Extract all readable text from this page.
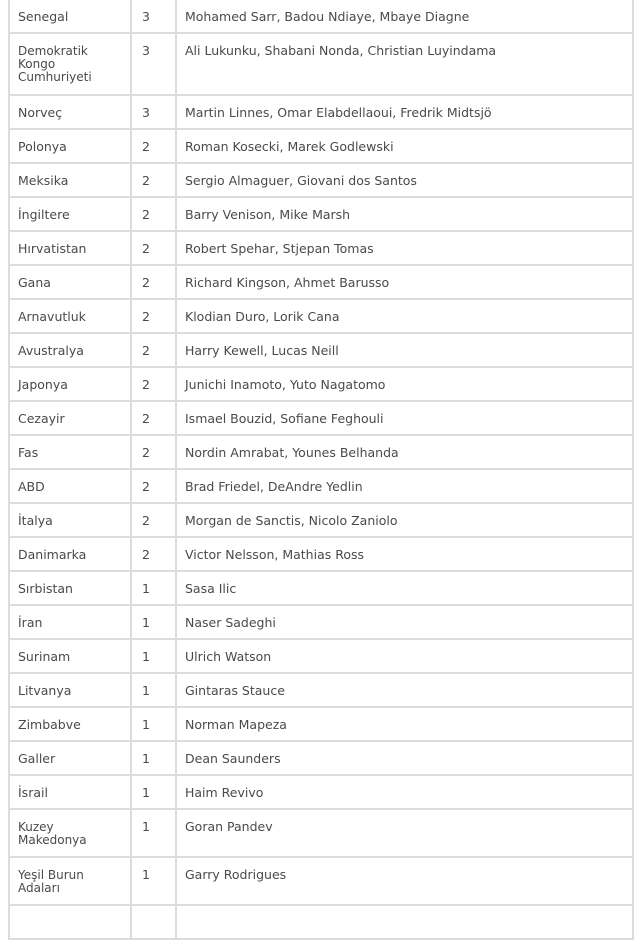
Senegal	3	Mohamed Sarr, Badou Ndiaye, Mbaye Diagne
Demokratik Kongo Cumhuriyeti	3	Ali Lukunku, Shabani Nonda, Christian Luyindama
Norveç	3	Martin Linnes, Omar Elabdellaoui, Fredrik Midtsjö
Polonya	2	Roman Kosecki, Marek Godlewski
Meksika	2	Sergio Almaguer, Giovani dos Santos
İngiltere	2	Barry Venison, Mike Marsh
Hırvatistan	2	Robert Spehar, Stjepan Tomas
Gana	2	Richard Kingson, Ahmet Barusso
Arnavutluk	2	Klodian Duro, Lorik Cana
Avustralya	2	Harry Kewell, Lucas Neill
Japonya	2	Junichi Inamoto, Yuto Nagatomo
Cezayir	2	Ismael Bouzid, Sofiane Feghouli
Fas	2	Nordin Amrabat, Younes Belhanda
ABD	2	Brad Friedel, DeAndre Yedlin
İtalya	2	Morgan de Sanctis, Nicolo Zaniolo
Danimarka	2	Victor Nelsson, Mathias Ross
Sırbistan	1	Sasa Ilic
İran	1	Naser Sadeghi
Surinam	1	Ulrich Watson
Litvanya	1	Gintaras Stauce
Zimbabve	1	Norman Mapeza
Galler	1	Dean Saunders
İsrail	1	Haim Revivo
Kuzey Makedonya	1	Goran Pandev
Yeşil Burun Adaları	1	Garry Rodrigues
